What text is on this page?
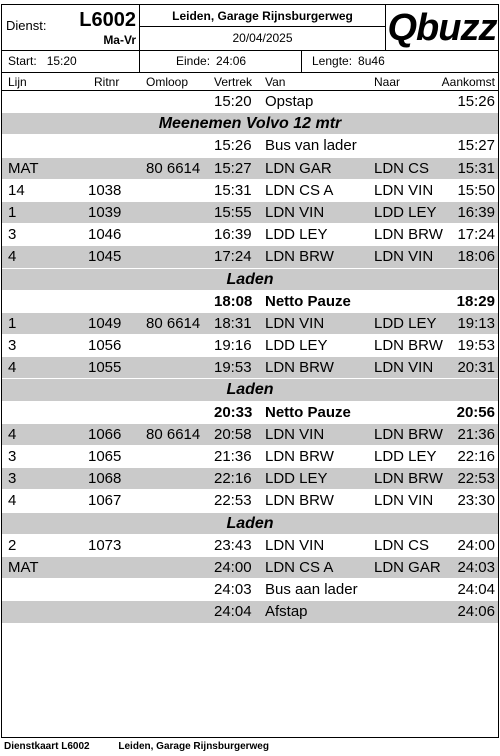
Dienst: L6002
Ma-Vr
Leiden, Garage Rijnsburgerweg
20/04/2025	Qbuzz
Start: 15:20	Einde: 24:06	Lengte: 8u46
Lijn	Ritnr Omloop Vertrek Van	Naar	Aankomst
15:20 Opstap	15:26
Meenemen Volvo 12 mtr
15:26 Bus van lader	15:27
MAT	80 6614 15:27 LDN GAR	LDN CS 15:31
14	1038	15:31 LDN CS A	LDN VIN 15:50
1	1039	15:55 LDN VIN	LDD LEY 16:39
3	1046	16:39 LDD LEY	LDN BRW 17:24
4	1045	17:24 LDN BRW	LDN VIN 18:06
Laden
18:08 Netto Pauze	18:29
1	1049 80 6614 18:31 LDN VIN	LDD LEY 19:13
3	1056	19:16 LDD LEY	LDN BRW 19:53
4	1055	19:53 LDN BRW	LDN VIN 20:31
Laden
20:33 Netto Pauze	20:56
4	1066 80 6614 20:58 LDN VIN	LDN BRW 21:36
3	1065	21:36 LDN BRW	LDD LEY 22:16
3	1068	22:16 LDD LEY	LDN BRW 22:53
4	1067	22:53 LDN BRW	LDN VIN 23:30
Laden
2	1073	23:43 LDN VIN	LDN CS 24:00
MAT	24:00 LDN CS A	LDN GAR 24:03
24:03 Bus aan lader	24:04
24:04 Afstap	24:06
Dienstkaart L6002	Leiden, Garage Rijnsburgerweg
